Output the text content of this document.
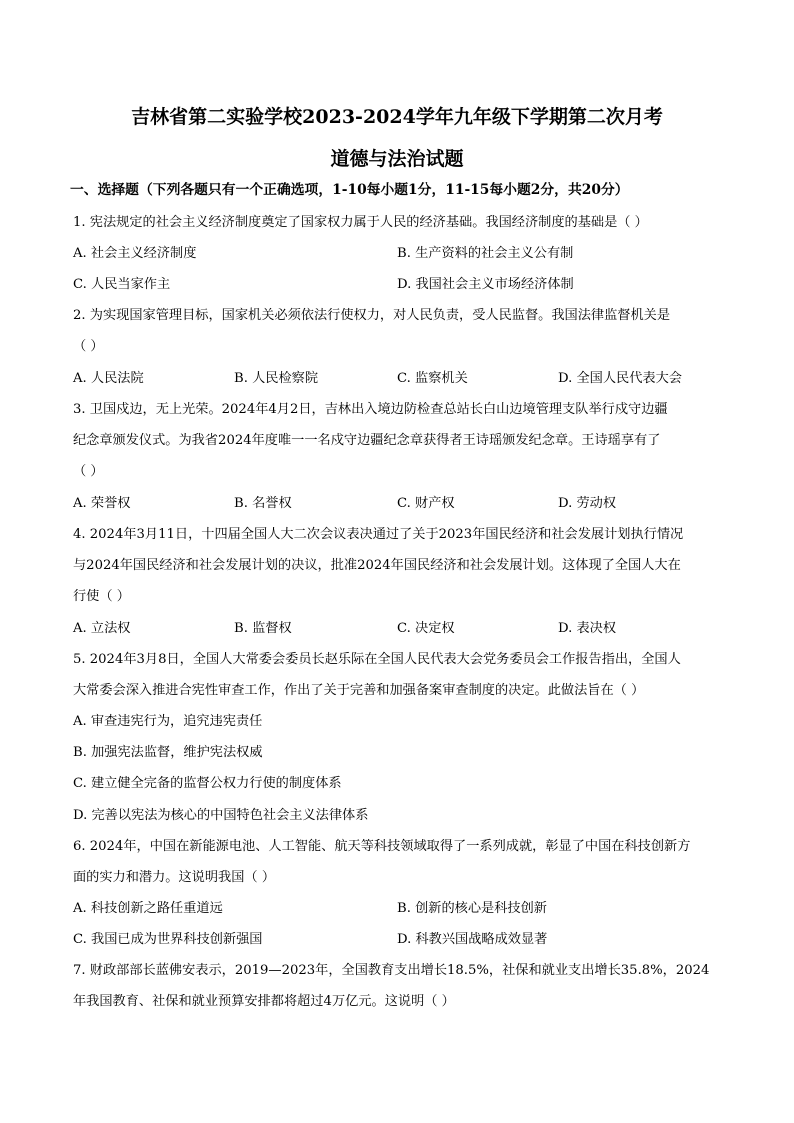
吉林省第二实验学校2023-2024学年九年级下学期第二次月考
道德与法治试题
一、选择题（下列各题只有一个正确选项，1-10每小题1分，11-15每小题2分，共20分）
1. 宪法规定的社会主义经济制度奠定了国家权力属于人民的经济基础。我国经济制度的基础是（ ）
A. 社会主义经济制度	B. 生产资料的社会主义公有制
C. 人民当家作主	D. 我国社会主义市场经济体制
2. 为实现国家管理目标，国家机关必须依法行使权力，对人民负责，受人民监督。我国法律监督机关是
（ ）
A. 人民法院	B. 人民检察院	C. 监察机关	D. 全国人民代表大会
3. 卫国戍边，无上光荣。2024年4月2日，吉林出入境边防检查总站长白山边境管理支队举行戍守边疆
纪念章颁发仪式。为我省2024年度唯一一名戍守边疆纪念章获得者王诗瑶颁发纪念章。王诗瑶享有了
（ ）
A. 荣誉权	B. 名誉权	C. 财产权	D. 劳动权
4. 2024年3月11日，十四届全国人大二次会议表决通过了关于2023年国民经济和社会发展计划执行情况
与2024年国民经济和社会发展计划的决议，批准2024年国民经济和社会发展计划。这体现了全国人大在
行使（ ）
A. 立法权	B. 监督权	C. 决定权	D. 表决权
5. 2024年3月8日，全国人大常委会委员长赵乐际在全国人民代表大会党务委员会工作报告指出，全国人
大常委会深入推进合宪性审查工作，作出了关于完善和加强备案审查制度的决定。此做法旨在（ ）
A. 审查违宪行为，追究违宪责任
B. 加强宪法监督，维护宪法权威
C. 建立健全完备的监督公权力行使的制度体系
D. 完善以宪法为核心的中国特色社会主义法律体系
6. 2024年，中国在新能源电池、人工智能、航天等科技领域取得了一系列成就，彰显了中国在科技创新方
面的实力和潜力。这说明我国（ ）
A. 科技创新之路任重道远	B. 创新的核心是科技创新
C. 我国已成为世界科技创新强国	D. 科教兴国战略成效显著
7. 财政部部长蓝佛安表示，2019—2023年，全国教育支出增长18.5%，社保和就业支出增长35.8%，2024
年我国教育、社保和就业预算安排都将超过4万亿元。这说明（ ）
